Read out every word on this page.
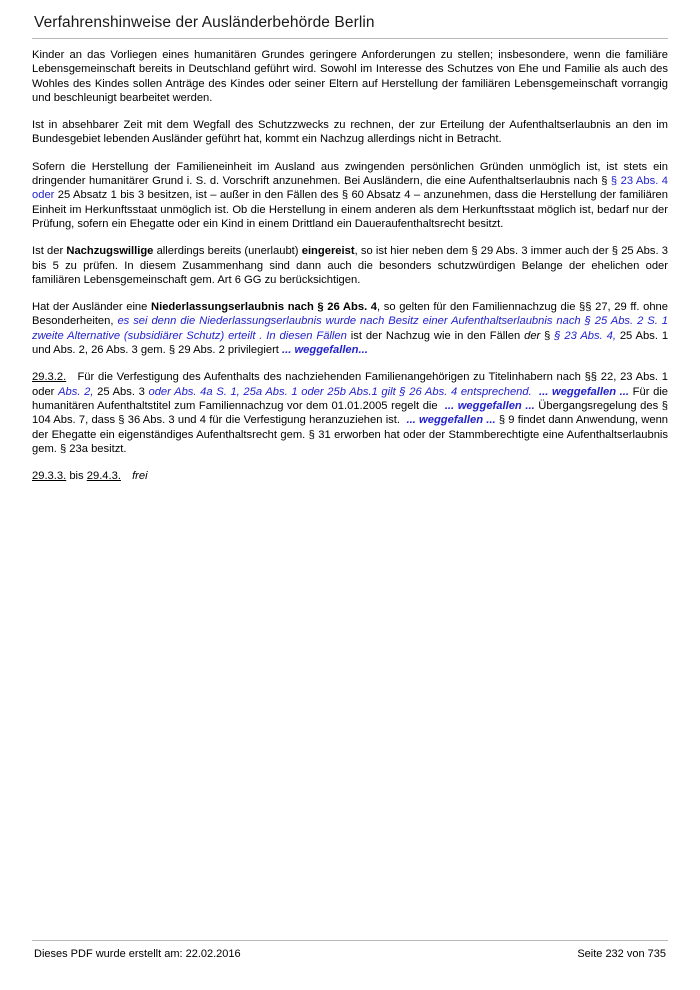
Verfahrenshinweise der Ausländerbehörde Berlin

Kinder an das Vorliegen eines humanitären Grundes geringere Anforderungen zu stellen; insbesondere, wenn die familiäre Lebensgemeinschaft bereits in Deutschland geführt wird. Sowohl im Interesse des Schutzes von Ehe und Familie als auch des Wohles des Kindes sollen Anträge des Kindes oder seiner Eltern auf Herstellung der familiären Lebensgemeinschaft vorrangig und beschleunigt bearbeitet werden.

Ist in absehbarer Zeit mit dem Wegfall des Schutzzwecks zu rechnen, der zur Erteilung der Aufenthaltserlaubnis an den im Bundesgebiet lebenden Ausländer geführt hat, kommt ein Nachzug allerdings nicht in Betracht.

Sofern die Herstellung der Familieneinheit im Ausland aus zwingenden persönlichen Gründen unmöglich ist, ist stets ein dringender humanitärer Grund i. S. d. Vorschrift anzunehmen. Bei Ausländern, die eine Aufenthaltserlaubnis nach § § 23 Abs. 4 oder 25 Absatz 1 bis 3 besitzen, ist – außer in den Fällen des § 60 Absatz 4 – anzunehmen, dass die Herstellung der familiären Einheit im Herkunftsstaat unmöglich ist. Ob die Herstellung in einem anderen als dem Herkunftsstaat möglich ist, bedarf nur der Prüfung, sofern ein Ehegatte oder ein Kind in einem Drittland ein Daueraufenthaltsrecht besitzt.

Ist der Nachzugswillige allerdings bereits (unerlaubt) eingereist, so ist hier neben dem § 29 Abs. 3 immer auch der § 25 Abs. 3 bis 5 zu prüfen. In diesem Zusammenhang sind dann auch die besonders schutzwürdigen Belange der ehelichen oder familiären Lebensgemeinschaft gem. Art 6 GG zu berücksichtigen.

Hat der Ausländer eine Niederlassungserlaubnis nach § 26 Abs. 4, so gelten für den Familiennachzug die §§ 27, 29 ff. ohne Besonderheiten, es sei denn die Niederlassungserlaubnis wurde nach Besitz einer Aufenthaltserlaubnis nach § 25 Abs. 2 S. 1 zweite Alternative (subsidiärer Schutz) erteilt . In diesen Fällen ist der Nachzug wie in den Fällen der § § 23 Abs. 4, 25 Abs. 1 und Abs. 2, 26 Abs. 3 gem. § 29 Abs. 2 privilegiert ... weggefallen...

29.3.2. Für die Verfestigung des Aufenthalts des nachziehenden Familienangehörigen zu Titelinhabern nach §§ 22, 23 Abs. 1 oder Abs. 2, 25 Abs. 3 oder Abs. 4a S. 1, 25a Abs. 1 oder 25b Abs.1 gilt § 26 Abs. 4 entsprechend. ... weggefallen ... Für die humanitären Aufenthaltstitel zum Familiennachzug vor dem 01.01.2005 regelt die ... weggefallen ... Übergangsregelung des § 104 Abs. 7, dass § 36 Abs. 3 und 4 für die Verfestigung heranzuziehen ist. ... weggefallen ... § 9 findet dann Anwendung, wenn der Ehegatte ein eigenständiges Aufenthaltsrecht gem. § 31 erworben hat oder der Stammberechtigte eine Aufenthaltserlaubnis gem. § 23a besitzt.

29.3.3. bis 29.4.3. frei

Dieses PDF wurde erstellt am: 22.02.2016	Seite 232 von 735
